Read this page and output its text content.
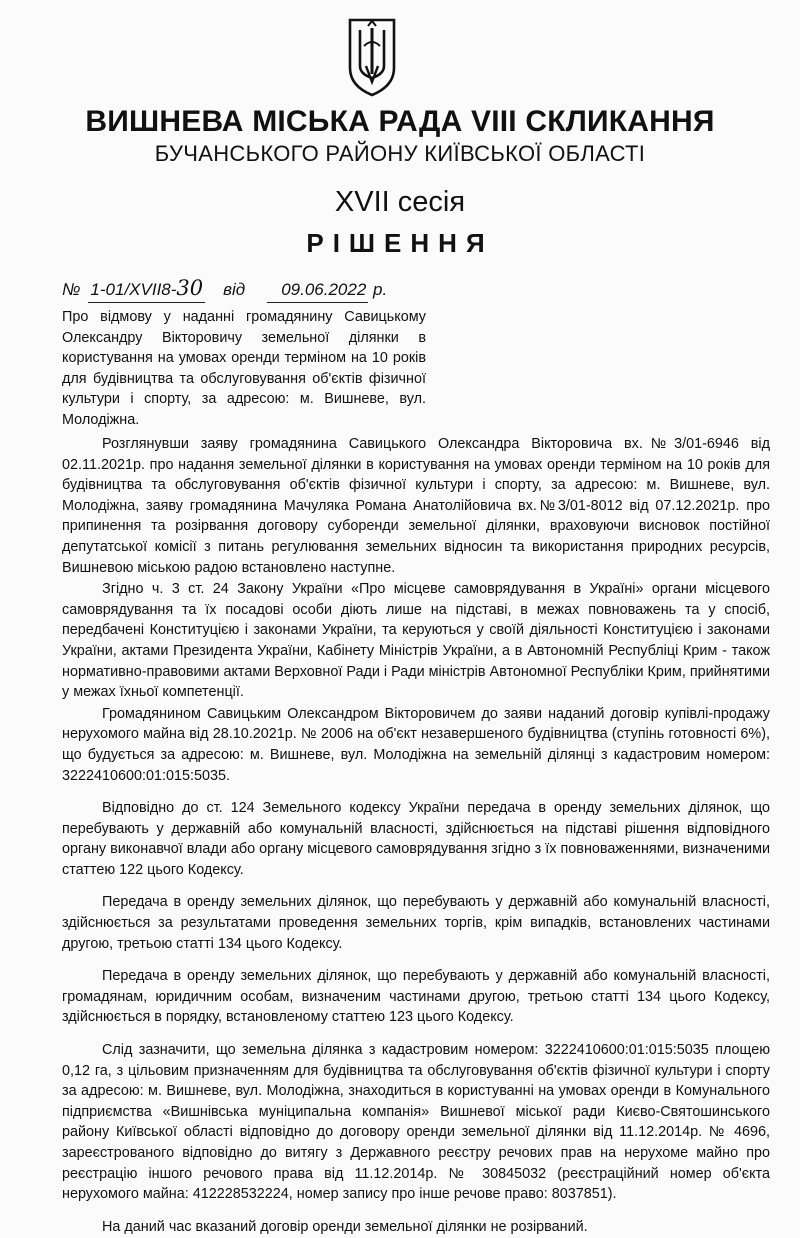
ВИШНЕВА МІСЬКА РАДА VIII СКЛИКАННЯ
БУЧАНСЬКОГО РАЙОНУ КИЇВСЬКОЇ ОБЛАСТІ
XVII сесія
РІШЕННЯ
№ 1-01/XVII8-30 від 09.06.2022 р.

Про відмову у наданні громадянину Савицькому Олександру Вікторовичу земельної ділянки в користування на умовах оренди терміном на 10 років для будівництва та обслуговування об'єктів фізичної культури і спорту, за адресою: м. Вишневе, вул. Молодіжна.

Розглянувши заяву громадянина Савицького Олександра Вікторовича вх.№3/01-6946 від 02.11.2021р. про надання земельної ділянки в користування на умовах оренди терміном на 10 років для будівництва та обслуговування об'єктів фізичної культури і спорту, за адресою: м. Вишневе, вул. Молодіжна, заяву громадянина Мачуляка Романа Анатолійовича вх.№3/01-8012 від 07.12.2021р. про припинення та розірвання договору суборенди земельної ділянки, враховуючи висновок постійної депутатської комісії з питань регулювання земельних відносин та використання природних ресурсів, Вишневою міською радою встановлено наступне.

Згідно ч. 3 ст. 24 Закону України «Про місцеве самоврядування в Україні» органи місцевого самоврядування та їх посадові особи діють лише на підставі, в межах повноважень та у спосіб, передбачені Конституцією і законами України, та керуються у своїй діяльності Конституцією і законами України, актами Президента України, Кабінету Міністрів України, а в Автономній Республіці Крим - також нормативно-правовими актами Верховної Ради і Ради міністрів Автономної Республіки Крим, прийнятими у межах їхньої компетенції.

Громадянином Савицьким Олександром Вікторовичем до заяви наданий договір купівлі-продажу нерухомого майна від 28.10.2021р. № 2006 на об'єкт незавершеного будівництва (ступінь готовності 6%), що будується за адресою: м. Вишневе, вул. Молодіжна на земельній ділянці з кадастровим номером: 3222410600:01:015:5035.

Відповідно до ст. 124 Земельного кодексу України передача в оренду земельних ділянок, що перебувають у державній або комунальній власності, здійснюється на підставі рішення відповідного органу виконавчої влади або органу місцевого самоврядування згідно з їх повноваженнями, визначеними статтею 122 цього Кодексу.

Передача в оренду земельних ділянок, що перебувають у державній або комунальній власності, здійснюється за результатами проведення земельних торгів, крім випадків, встановлених частинами другою, третьою статті 134 цього Кодексу.

Передача в оренду земельних ділянок, що перебувають у державній або комунальній власності, громадянам, юридичним особам, визначеним частинами другою, третьою статті 134 цього Кодексу, здійснюється в порядку, встановленому статтею 123 цього Кодексу.

Слід зазначити, що земельна ділянка з кадастровим номером: 3222410600:01:015:5035 площею 0,12 га, з цільовим призначенням для будівництва та обслуговування об'єктів фізичної культури і спорту за адресою: м. Вишневе, вул. Молодіжна, знаходиться в користуванні на умовах оренди в Комунального підприємства «Вишнівська муніципальна компанія» Вишневої міської ради Києво-Святошинського району Київської області відповідно до договору оренди земельної ділянки від 11.12.2014р. № 4696, зареєстрованого відповідно до витягу з Державного реєстру речових прав на нерухоме майно про реєстрацію іншого речового права від 11.12.2014р. № 30845032 (реєстраційний номер об'єкта нерухомого майна: 412228532224, номер запису про інше речове право: 8037851).

На даний час вказаний договір оренди земельної ділянки не розірваний.
